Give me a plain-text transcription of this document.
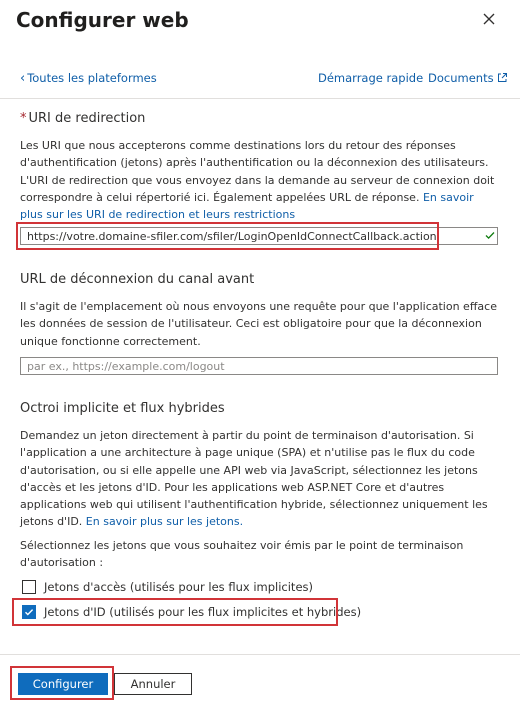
Configurer web
‹ Toutes les plateformes	Démarrage rapide Documents
* URI de redirection
Les URI que nous accepterons comme destinations lors du retour des réponses d'authentification (jetons) après l'authentification ou la déconnexion des utilisateurs. L'URI de redirection que vous envoyez dans la demande au serveur de connexion doit correspondre à celui répertorié ici. Également appelées URL de réponse. En savoir plus sur les URI de redirection et leurs restrictions
https://votre.domaine-sfiler.com/sfiler/LoginOpenIdConnectCallback.action
URL de déconnexion du canal avant
Il s'agit de l'emplacement où nous envoyons une requête pour que l'application efface les données de session de l'utilisateur. Ceci est obligatoire pour que la déconnexion unique fonctionne correctement.
par ex., https://example.com/logout
Octroi implicite et flux hybrides
Demandez un jeton directement à partir du point de terminaison d'autorisation. Si l'application a une architecture à page unique (SPA) et n'utilise pas le flux du code d'autorisation, ou si elle appelle une API web via JavaScript, sélectionnez les jetons d'accès et les jetons d'ID. Pour les applications web ASP.NET Core et d'autres applications web qui utilisent l'authentification hybride, sélectionnez uniquement les jetons d'ID. En savoir plus sur les jetons.
Sélectionnez les jetons que vous souhaitez voir émis par le point de terminaison d'autorisation :
Jetons d'accès (utilisés pour les flux implicites)
Jetons d'ID (utilisés pour les flux implicites et hybrides)
Configurer	Annuler
